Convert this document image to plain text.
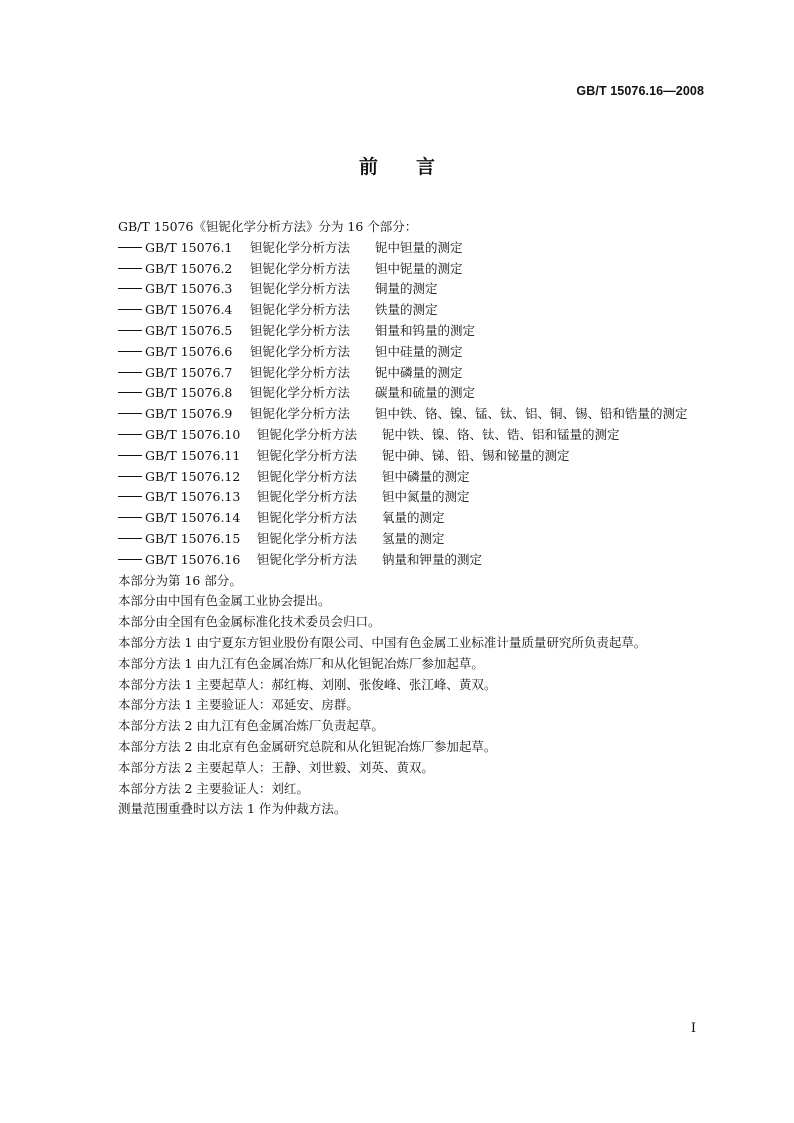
GB/T 15076.16—2008
前　　言
GB/T 15076《钽铌化学分析方法》分为 16 个部分：
GB/T 15076.1 钽铌化学分析方法 铌中钽量的测定
GB/T 15076.2 钽铌化学分析方法 钽中铌量的测定
GB/T 15076.3 钽铌化学分析方法 铜量的测定
GB/T 15076.4 钽铌化学分析方法 铁量的测定
GB/T 15076.5 钽铌化学分析方法 钼量和钨量的测定
GB/T 15076.6 钽铌化学分析方法 钽中硅量的测定
GB/T 15076.7 钽铌化学分析方法 铌中磷量的测定
GB/T 15076.8 钽铌化学分析方法 碳量和硫量的测定
GB/T 15076.9 钽铌化学分析方法 钽中铁、铬、镍、锰、钛、铝、铜、锡、铅和锆量的测定
GB/T 15076.10 钽铌化学分析方法 铌中铁、镍、铬、钛、锆、铝和锰量的测定
GB/T 15076.11 钽铌化学分析方法 铌中砷、锑、铅、锡和铋量的测定
GB/T 15076.12 钽铌化学分析方法 钽中磷量的测定
GB/T 15076.13 钽铌化学分析方法 钽中氮量的测定
GB/T 15076.14 钽铌化学分析方法 氧量的测定
GB/T 15076.15 钽铌化学分析方法 氢量的测定
GB/T 15076.16 钽铌化学分析方法 钠量和钾量的测定
本部分为第 16 部分。
本部分由中国有色金属工业协会提出。
本部分由全国有色金属标准化技术委员会归口。
本部分方法 1 由宁夏东方钽业股份有限公司、中国有色金属工业标准计量质量研究所负责起草。
本部分方法 1 由九江有色金属冶炼厂和从化钽铌冶炼厂参加起草。
本部分方法 1 主要起草人：郝红梅、刘刚、张俊峰、张江峰、黄双。
本部分方法 1 主要验证人：邓延安、房群。
本部分方法 2 由九江有色金属冶炼厂负责起草。
本部分方法 2 由北京有色金属研究总院和从化钽铌冶炼厂参加起草。
本部分方法 2 主要起草人：王静、刘世毅、刘英、黄双。
本部分方法 2 主要验证人：刘红。
测量范围重叠时以方法 1 作为仲裁方法。
I
